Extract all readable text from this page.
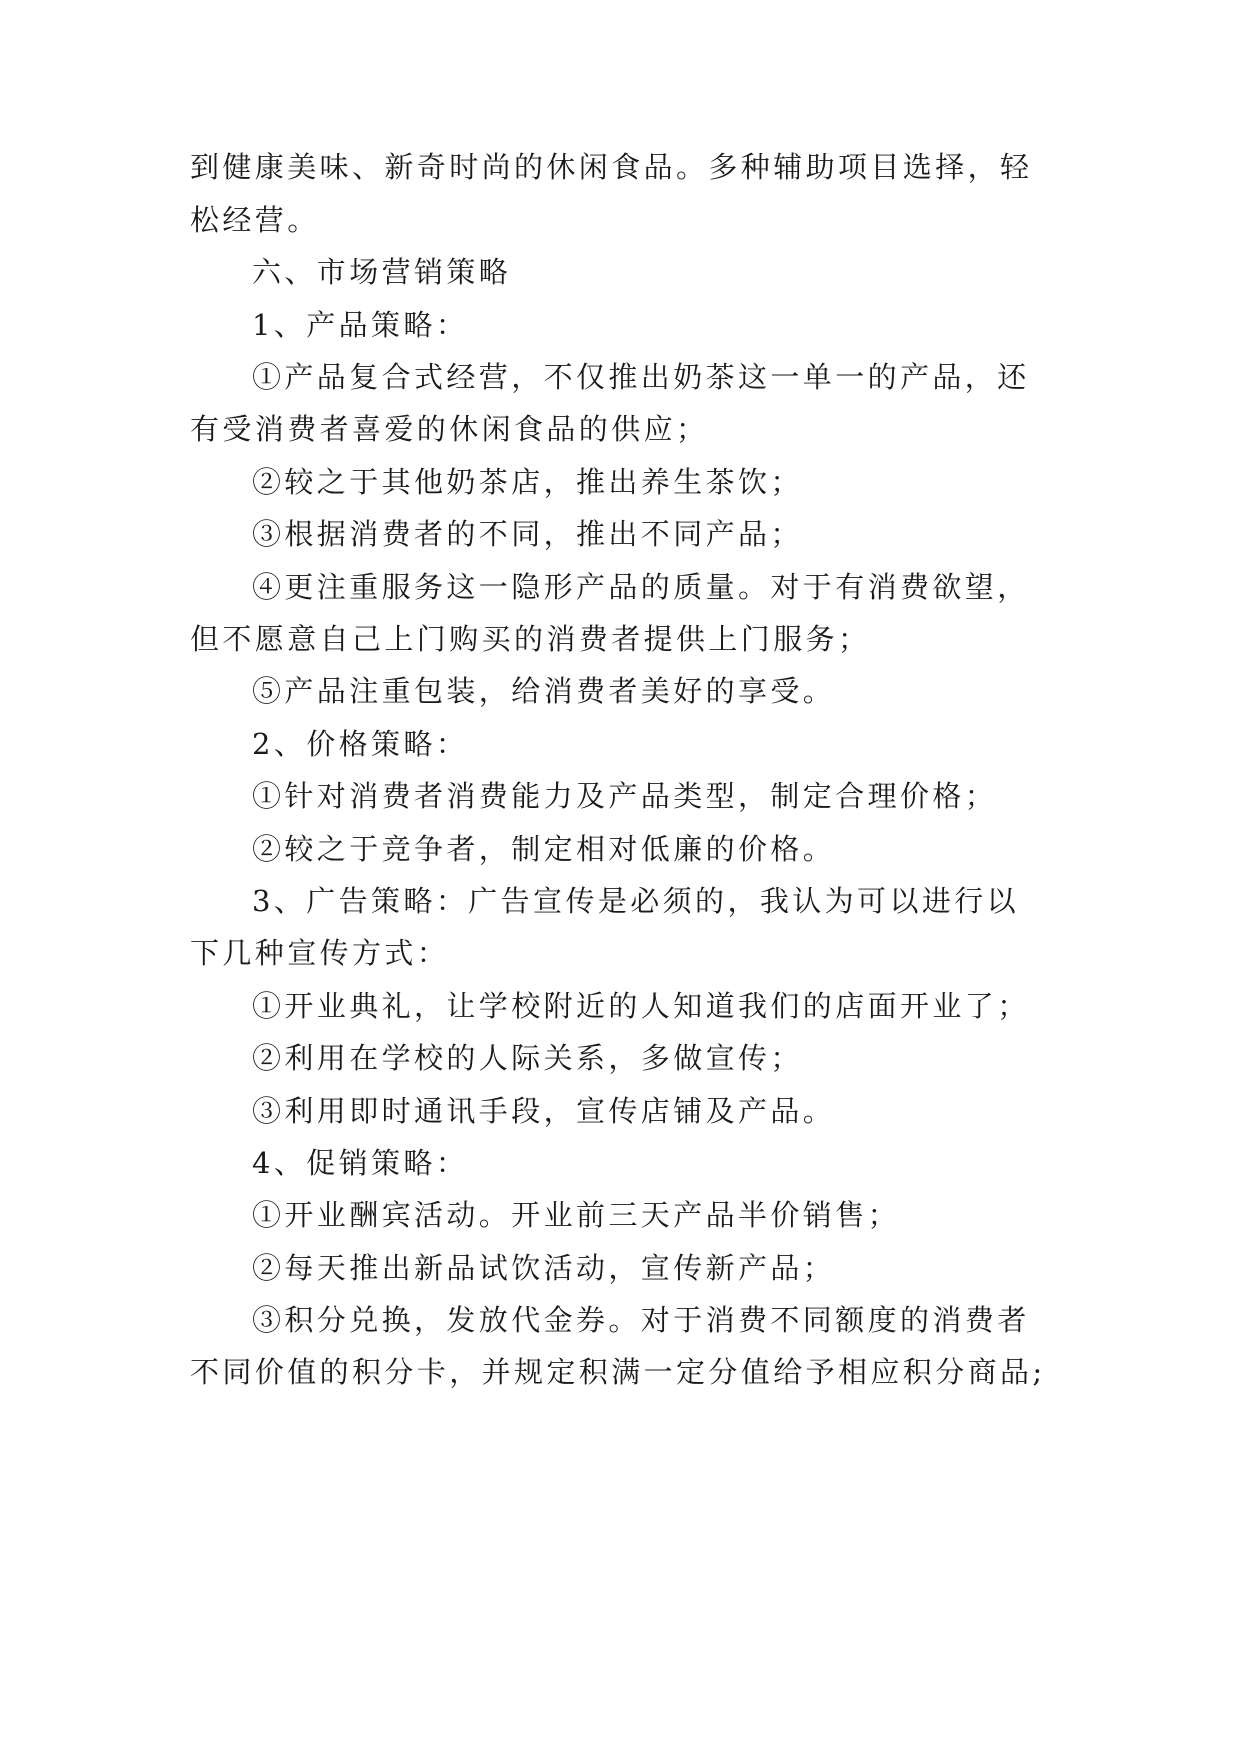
到健康美味、新奇时尚的休闲食品。多种辅助项目选择，轻
松经营。
六、市场营销策略
1、产品策略：
①产品复合式经营，不仅推出奶茶这一单一的产品，还
有受消费者喜爱的休闲食品的供应；
②较之于其他奶茶店，推出养生茶饮；
③根据消费者的不同，推出不同产品；
④更注重服务这一隐形产品的质量。对于有消费欲望，
但不愿意自己上门购买的消费者提供上门服务；
⑤产品注重包装，给消费者美好的享受。
2、价格策略：
①针对消费者消费能力及产品类型，制定合理价格；
②较之于竞争者，制定相对低廉的价格。
3、广告策略：广告宣传是必须的，我认为可以进行以
下几种宣传方式：
①开业典礼，让学校附近的人知道我们的店面开业了；
②利用在学校的人际关系，多做宣传；
③利用即时通讯手段，宣传店铺及产品。
4、促销策略：
①开业酬宾活动。开业前三天产品半价销售；
②每天推出新品试饮活动，宣传新产品；
③积分兑换，发放代金券。对于消费不同额度的消费者
不同价值的积分卡，并规定积满一定分值给予相应积分商品;
